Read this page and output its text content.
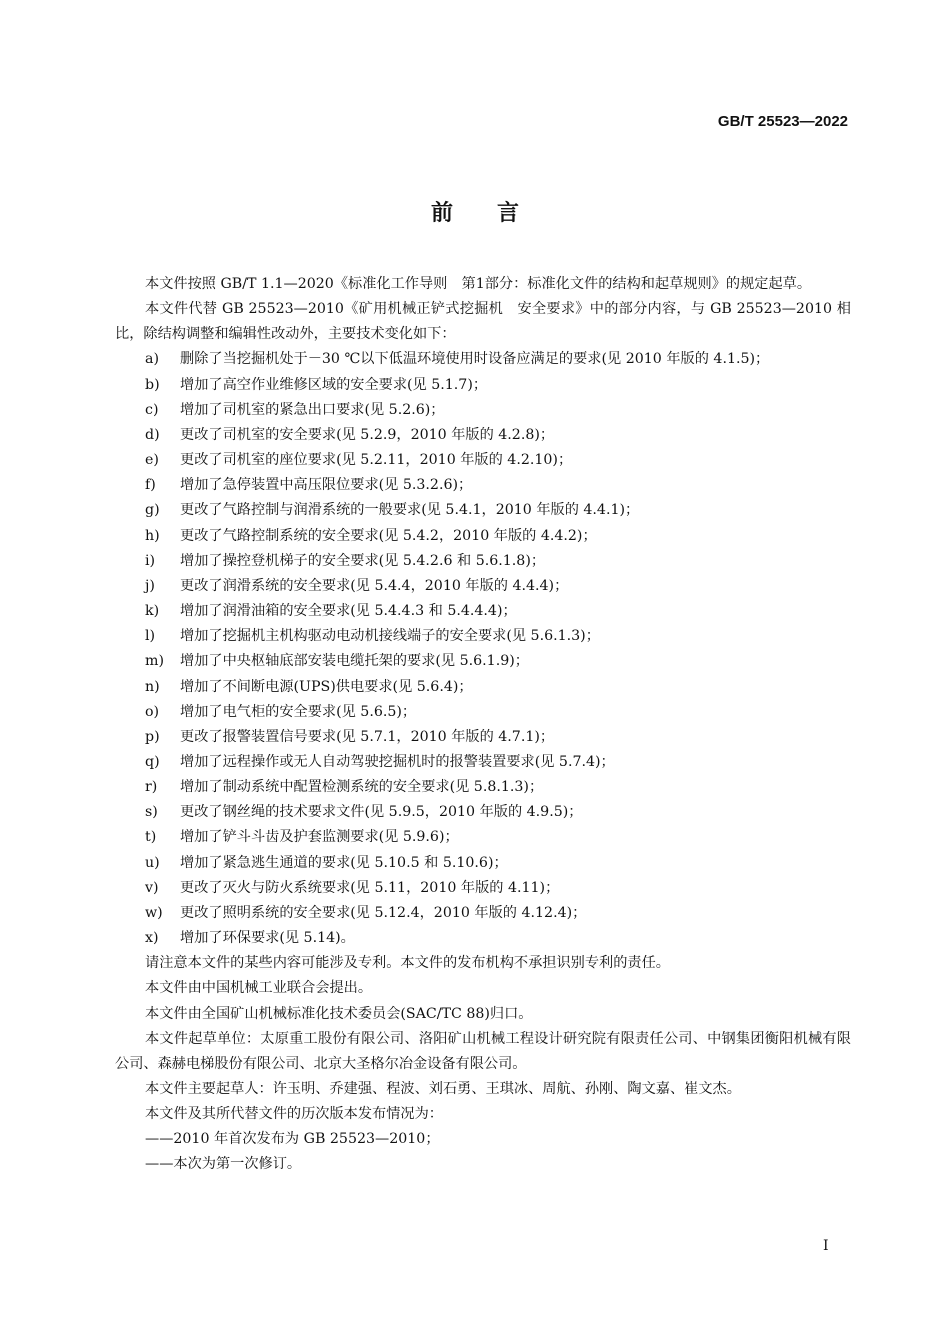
GB/T 25523—2022
前言

本文件按照 GB/T 1.1—2020《标准化工作导则　第1部分：标准化文件的结构和起草规则》的规定起草。

本文件代替 GB 25523—2010《矿用机械正铲式挖掘机　安全要求》中的部分内容，与 GB 25523—2010 相比，除结构调整和编辑性改动外，主要技术变化如下：

a)	删除了当挖掘机处于－30 ℃以下低温环境使用时设备应满足的要求(见 2010 年版的 4.1.5)；
b)	增加了高空作业维修区域的安全要求(见 5.1.7)；
c)	增加了司机室的紧急出口要求(见 5.2.6)；
d)	更改了司机室的安全要求(见 5.2.9，2010 年版的 4.2.8)；
e)	更改了司机室的座位要求(见 5.2.11，2010 年版的 4.2.10)；
f)	增加了急停装置中高压限位要求(见 5.3.2.6)；
g)	更改了气路控制与润滑系统的一般要求(见 5.4.1，2010 年版的 4.4.1)；
h)	更改了气路控制系统的安全要求(见 5.4.2，2010 年版的 4.4.2)；
i)	增加了操控登机梯子的安全要求(见 5.4.2.6 和 5.6.1.8)；
j)	更改了润滑系统的安全要求(见 5.4.4，2010 年版的 4.4.4)；
k)	增加了润滑油箱的安全要求(见 5.4.4.3 和 5.4.4.4)；
l)	增加了挖掘机主机构驱动电动机接线端子的安全要求(见 5.6.1.3)；
m)	增加了中央枢轴底部安装电缆托架的要求(见 5.6.1.9)；
n)	增加了不间断电源(UPS)供电要求(见 5.6.4)；
o)	增加了电气柜的安全要求(见 5.6.5)；
p)	更改了报警装置信号要求(见 5.7.1，2010 年版的 4.7.1)；
q)	增加了远程操作或无人自动驾驶挖掘机时的报警装置要求(见 5.7.4)；
r)	增加了制动系统中配置检测系统的安全要求(见 5.8.1.3)；
s)	更改了钢丝绳的技术要求文件(见 5.9.5，2010 年版的 4.9.5)；
t)	增加了铲斗斗齿及护套监测要求(见 5.9.6)；
u)	增加了紧急逃生通道的要求(见 5.10.5 和 5.10.6)；
v)	更改了灭火与防火系统要求(见 5.11，2010 年版的 4.11)；
w)	更改了照明系统的安全要求(见 5.12.4，2010 年版的 4.12.4)；
x)	增加了环保要求(见 5.14)。

请注意本文件的某些内容可能涉及专利。本文件的发布机构不承担识别专利的责任。

本文件由中国机械工业联合会提出。

本文件由全国矿山机械标准化技术委员会(SAC/TC 88)归口。

本文件起草单位：太原重工股份有限公司、洛阳矿山机械工程设计研究院有限责任公司、中钢集团衡阳机械有限公司、森赫电梯股份有限公司、北京大圣格尔冶金设备有限公司。

本文件主要起草人：许玉明、乔建强、程波、刘石勇、王琪冰、周航、孙刚、陶文嘉、崔文杰。

本文件及其所代替文件的历次版本发布情况为：

——2010 年首次发布为 GB 25523—2010；

——本次为第一次修订。

I
